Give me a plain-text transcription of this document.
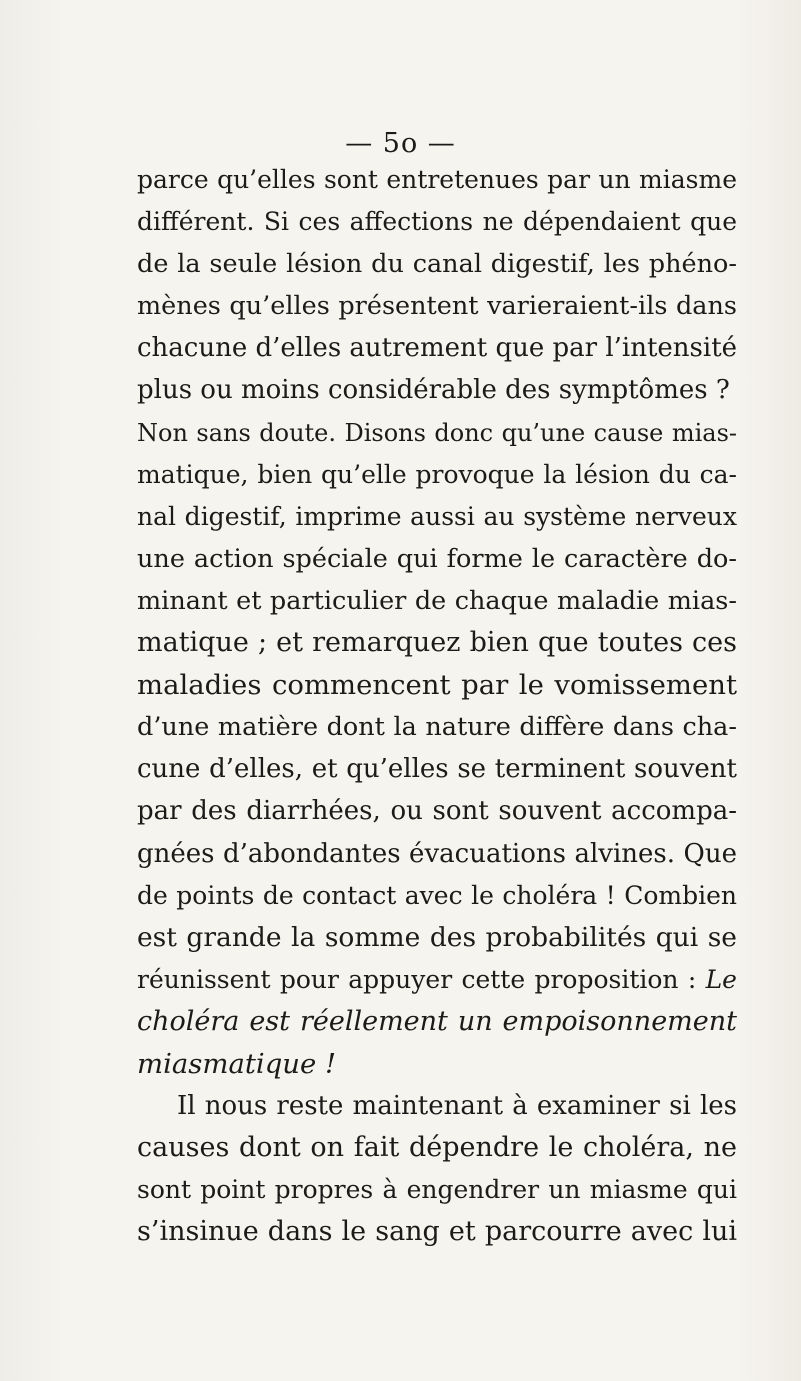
— 5o —
parce qu’elles sont entretenues par un miasme
différent. Si ces affections ne dépendaient que
de la seule lésion du canal digestif, les phéno-
mènes qu’elles présentent varieraient-ils dans
chacune d’elles autrement que par l’intensité
plus ou moins considérable des symptômes ?
Non sans doute. Disons donc qu’une cause mias-
matique, bien qu’elle provoque la lésion du ca-
nal digestif, imprime aussi au système nerveux
une action spéciale qui forme le caractère do-
minant et particulier de chaque maladie mias-
matique ; et remarquez bien que toutes ces
maladies commencent par le vomissement
d’une matière dont la nature diffère dans cha-
cune d’elles, et qu’elles se terminent souvent
par des diarrhées, ou sont souvent accompa-
gnées d’abondantes évacuations alvines. Que
de points de contact avec le choléra ! Combien
est grande la somme des probabilités qui se
réunissent pour appuyer cette proposition : Le
choléra est réellement un empoisonnement
miasmatique !
Il nous reste maintenant à examiner si les
causes dont on fait dépendre le choléra, ne
sont point propres à engendrer un miasme qui
s’insinue dans le sang et parcourre avec lui
